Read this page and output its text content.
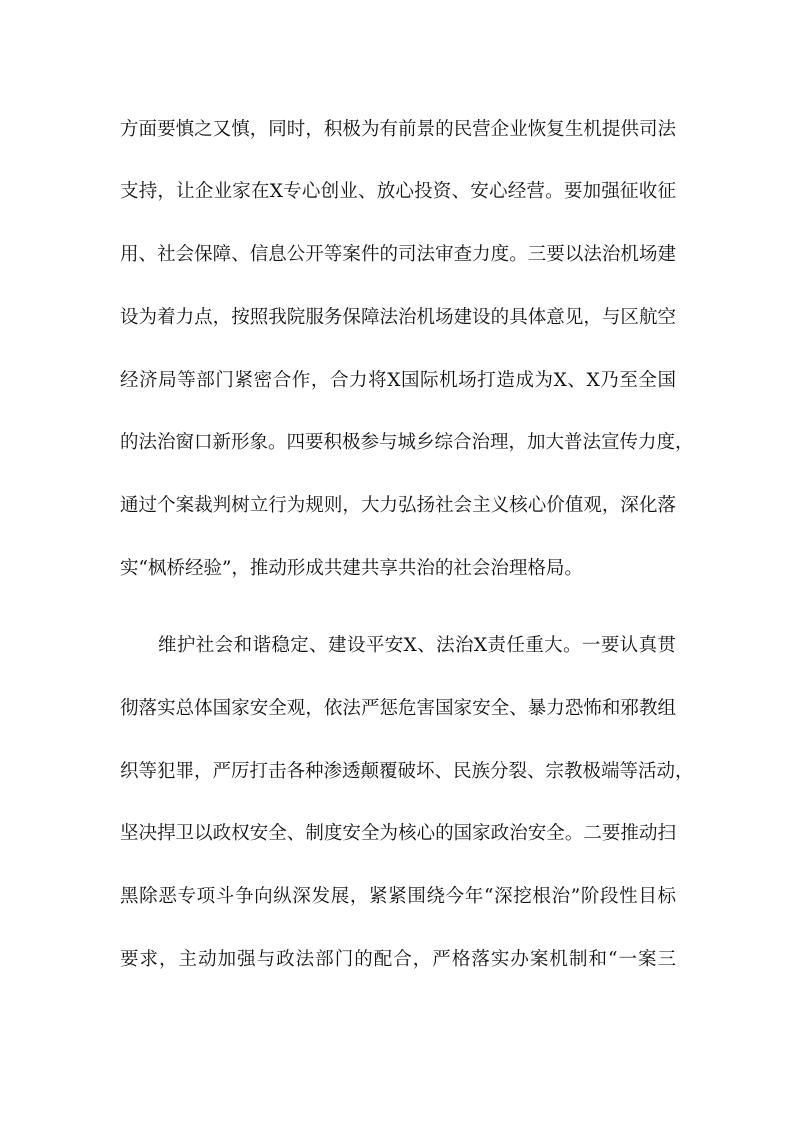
方面要慎之又慎，同时，积极为有前景的民营企业恢复生机提供司法
支持，让企业家在X专心创业、放心投资、安心经营。要加强征收征
用、社会保障、信息公开等案件的司法审查力度。三要以法治机场建
设为着力点，按照我院服务保障法治机场建设的具体意见，与区航空
经济局等部门紧密合作，合力将X国际机场打造成为X、X乃至全国
的法治窗口新形象。四要积极参与城乡综合治理，加大普法宣传力度，
通过个案裁判树立行为规则，大力弘扬社会主义核心价值观，深化落
实“枫桥经验”，推动形成共建共享共治的社会治理格局。
维护社会和谐稳定、建设平安X、法治X责任重大。一要认真贯
彻落实总体国家安全观，依法严惩危害国家安全、暴力恐怖和邪教组
织等犯罪，严厉打击各种渗透颠覆破坏、民族分裂、宗教极端等活动，
坚决捍卫以政权安全、制度安全为核心的国家政治安全。二要推动扫
黑除恶专项斗争向纵深发展，紧紧围绕今年“深挖根治”阶段性目标
要求，主动加强与政法部门的配合，严格落实办案机制和“一案三
